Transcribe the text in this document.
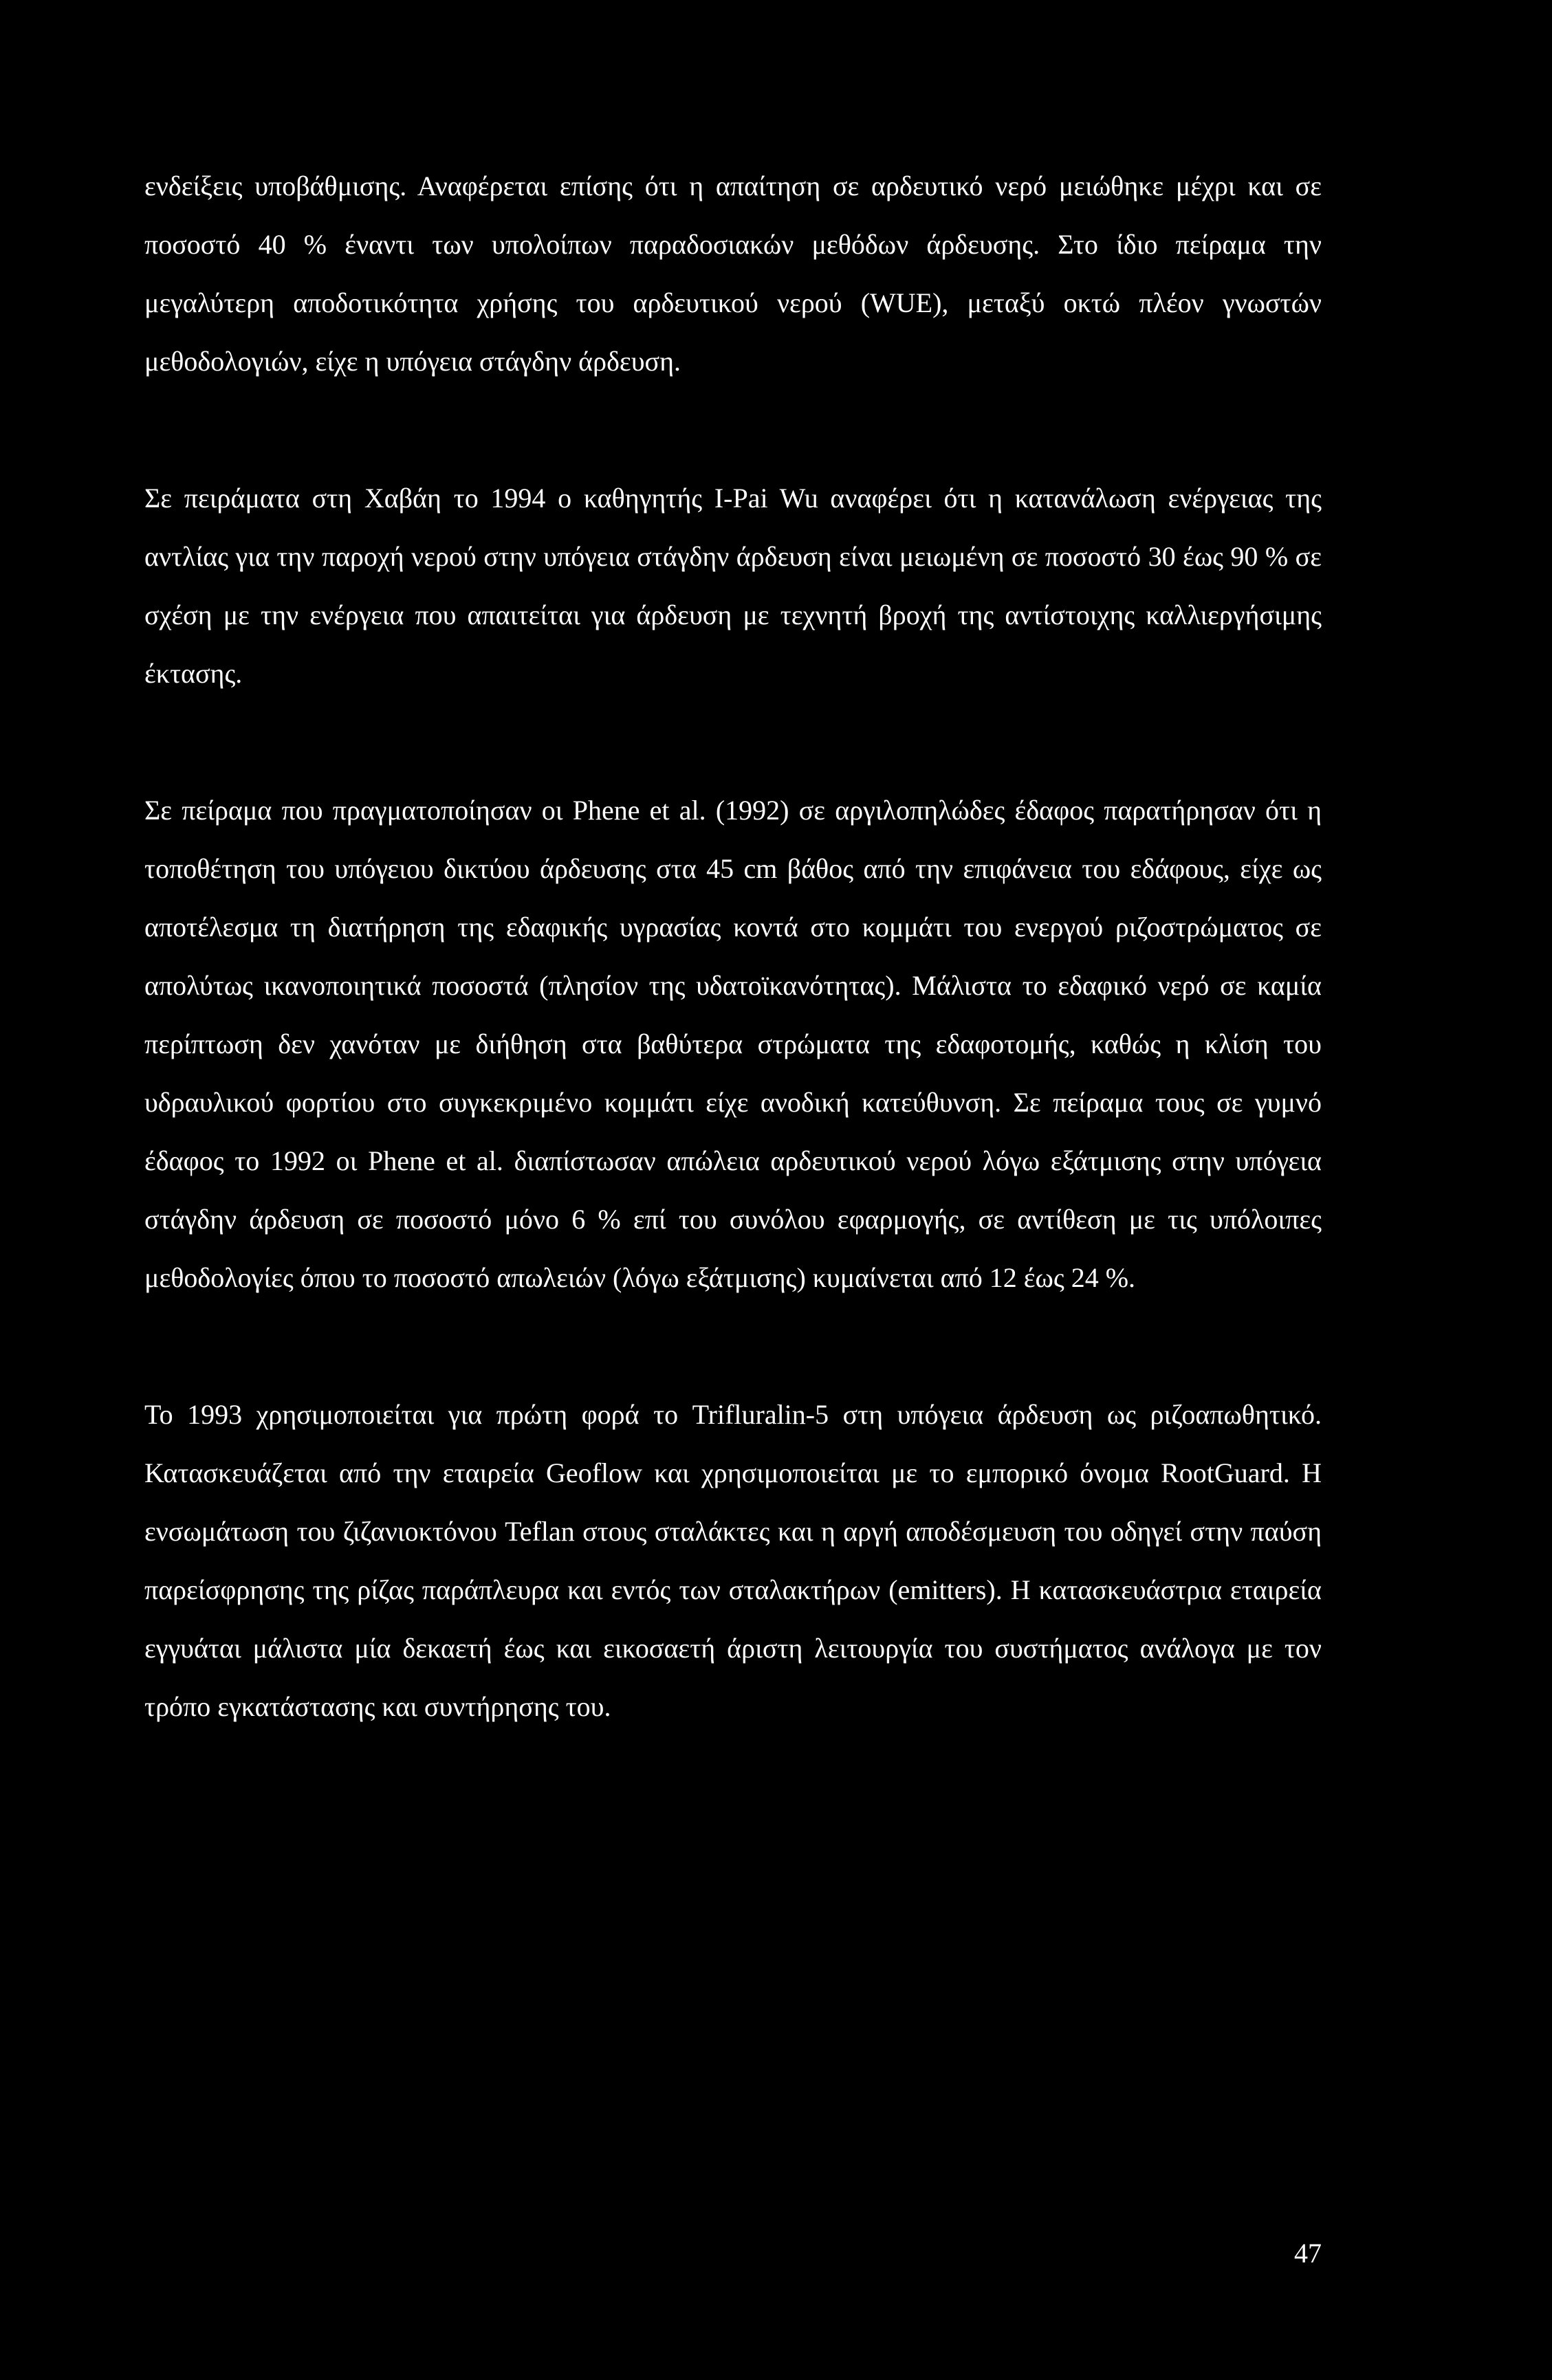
ενδείξεις υποβάθμισης. Αναφέρεται επίσης ότι η απαίτηση σε αρδευτικό νερό μειώθηκε μέχρι και σε ποσοστό 40 % έναντι των υπολοίπων παραδοσιακών μεθόδων άρδευσης. Στο ίδιο πείραμα την μεγαλύτερη αποδοτικότητα χρήσης του αρδευτικού νερού (WUE), μεταξύ οκτώ πλέον γνωστών μεθοδολογιών, είχε η υπόγεια στάγδην άρδευση.

Σε πειράματα στη Χαβάη το 1994 ο καθηγητής I-Pai Wu αναφέρει ότι η κατανάλωση ενέργειας της αντλίας για την παροχή νερού στην υπόγεια στάγδην άρδευση είναι μειωμένη σε ποσοστό 30 έως 90 % σε σχέση με την ενέργεια που απαιτείται για άρδευση με τεχνητή βροχή της αντίστοιχης καλλιεργήσιμης έκτασης.

Σε πείραμα που πραγματοποίησαν οι Phene et al. (1992) σε αργιλοπηλώδες έδαφος παρατήρησαν ότι η τοποθέτηση του υπόγειου δικτύου άρδευσης στα 45 cm βάθος από την επιφάνεια του εδάφους, είχε ως αποτέλεσμα τη διατήρηση της εδαφικής υγρασίας κοντά στο κομμάτι του ενεργού ριζοστρώματος σε απολύτως ικανοποιητικά ποσοστά (πλησίον της υδατοϊκανότητας). Μάλιστα το εδαφικό νερό σε καμία περίπτωση δεν χανόταν με διήθηση στα βαθύτερα στρώματα της εδαφοτομής, καθώς η κλίση του υδραυλικού φορτίου στο συγκεκριμένο κομμάτι είχε ανοδική κατεύθυνση. Σε πείραμα τους σε γυμνό έδαφος το 1992 οι Phene et al. διαπίστωσαν απώλεια αρδευτικού νερού λόγω εξάτμισης στην υπόγεια στάγδην άρδευση σε ποσοστό μόνο 6 % επί του συνόλου εφαρμογής, σε αντίθεση με τις υπόλοιπες μεθοδολογίες όπου το ποσοστό απωλειών (λόγω εξάτμισης) κυμαίνεται από 12 έως 24 %.

Το 1993 χρησιμοποιείται για πρώτη φορά το Trifluralin-5 στη υπόγεια άρδευση ως ριζοαπωθητικό. Κατασκευάζεται από την εταιρεία Geoflow και χρησιμοποιείται με το εμπορικό όνομα RootGuard. Η ενσωμάτωση του ζιζανιοκτόνου Teflan στους σταλάκτες και η αργή αποδέσμευση του οδηγεί στην παύση παρείσφρησης της ρίζας παράπλευρα και εντός των σταλακτήρων (emitters). Η κατασκευάστρια εταιρεία εγγυάται μάλιστα μία δεκαετή έως και εικοσαετή άριστη λειτουργία του συστήματος ανάλογα με τον τρόπο εγκατάστασης και συντήρησης του.

47
